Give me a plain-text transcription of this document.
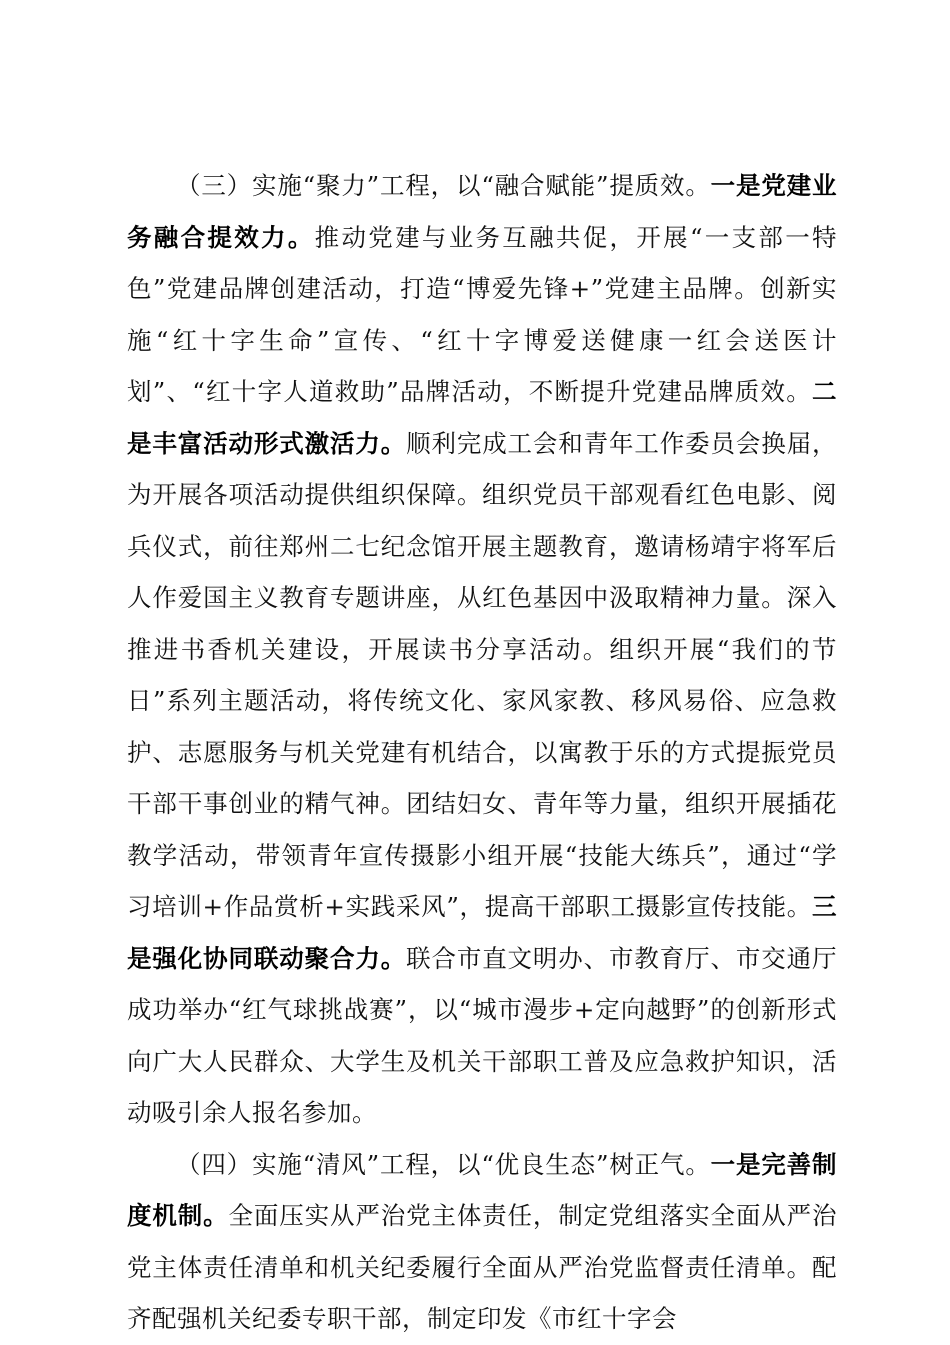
（三）实施“聚力”工程，以“融合赋能”提质效。一是党建业务融合提效力。推动党建与业务互融共促，开展“一支部一特色”党建品牌创建活动，打造“博爱先锋+”党建主品牌。创新实施“红十字生命”宣传、“红十字博爱送健康一红会送医计划”、“红十字人道救助”品牌活动，不断提升党建品牌质效。二是丰富活动形式激活力。顺利完成工会和青年工作委员会换届，为开展各项活动提供组织保障。组织党员干部观看红色电影、阅兵仪式，前往郑州二七纪念馆开展主题教育，邀请杨靖宇将军后人作爱国主义教育专题讲座，从红色基因中汲取精神力量。深入推进书香机关建设，开展读书分享活动。组织开展“我们的节日”系列主题活动，将传统文化、家风家教、移风易俗、应急救护、志愿服务与机关党建有机结合，以寓教于乐的方式提振党员干部干事创业的精气神。团结妇女、青年等力量，组织开展插花教学活动，带领青年宣传摄影小组开展“技能大练兵”，通过“学习培训+作品赏析+实践采风”，提高干部职工摄影宣传技能。三是强化协同联动聚合力。联合市直文明办、市教育厅、市交通厅成功举办“红气球挑战赛”，以“城市漫步+定向越野”的创新形式向广大人民群众、大学生及机关干部职工普及应急救护知识，活动吸引余人报名参加。

（四）实施“清风”工程，以“优良生态”树正气。一是完善制度机制。全面压实从严治党主体责任，制定党组落实全面从严治党主体责任清单和机关纪委履行全面从严治党监督责任清单。配齐配强机关纪委专职干部，制定印发《市红十字会
